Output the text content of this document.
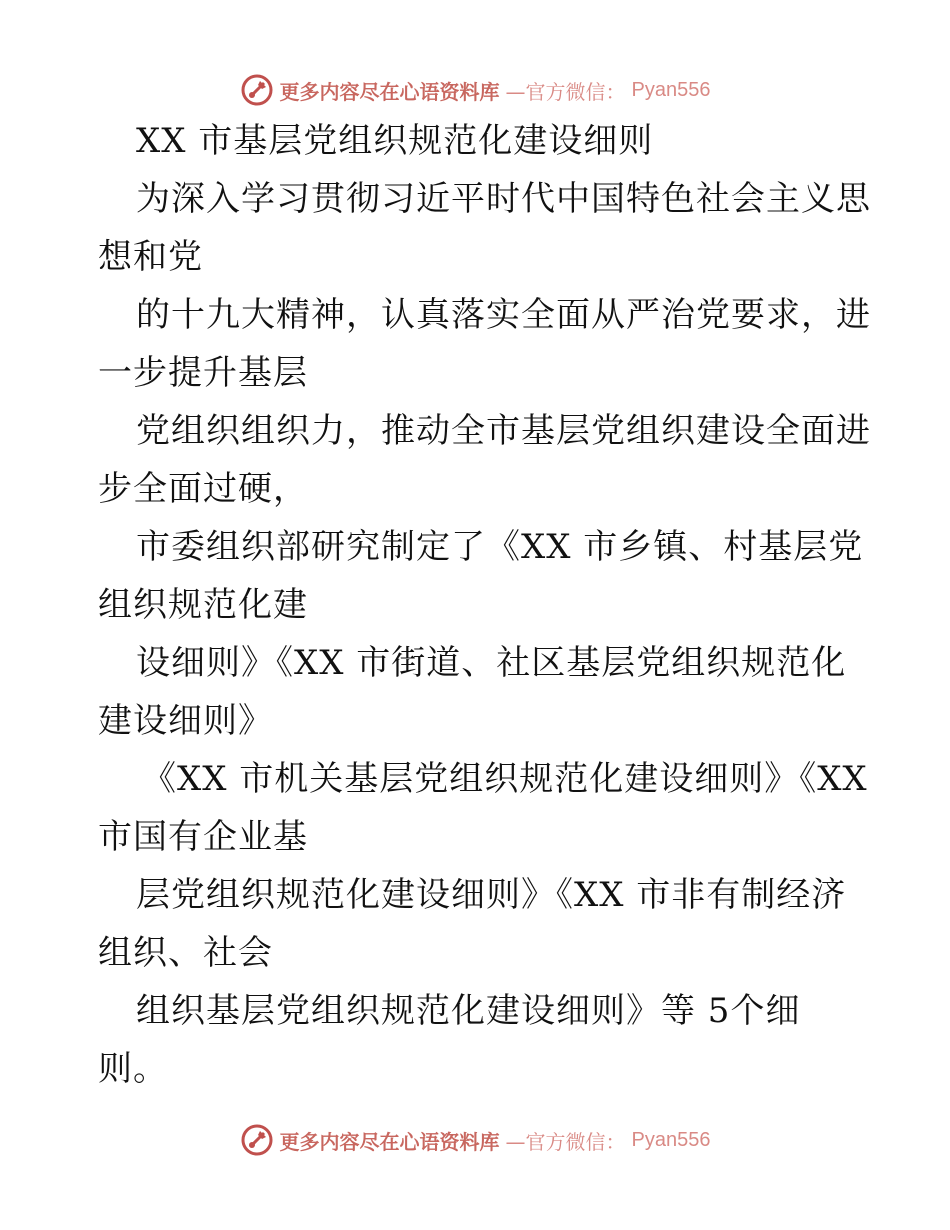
更多内容尽在心语资料库 —官方微信： Pyan556
XX 市基层党组织规范化建设细则
为深入学习贯彻习近平时代中国特色社会主义思
想和党
的十九大精神，认真落实全面从严治党要求，进
一步提升基层
党组织组织力，推动全市基层党组织建设全面进
步全面过硬，
市委组织部研究制定了《XX 市乡镇、村基层党
组织规范化建
设细则》《XX 市街道、社区基层党组织规范化
建设细则》
《XX 市机关基层党组织规范化建设细则》《XX
市国有企业基
层党组织规范化建设细则》《XX 市非有制经济
组织、社会
组织基层党组织规范化建设细则》等 5个细
则。
更多内容尽在心语资料库 —官方微信： Pyan556
